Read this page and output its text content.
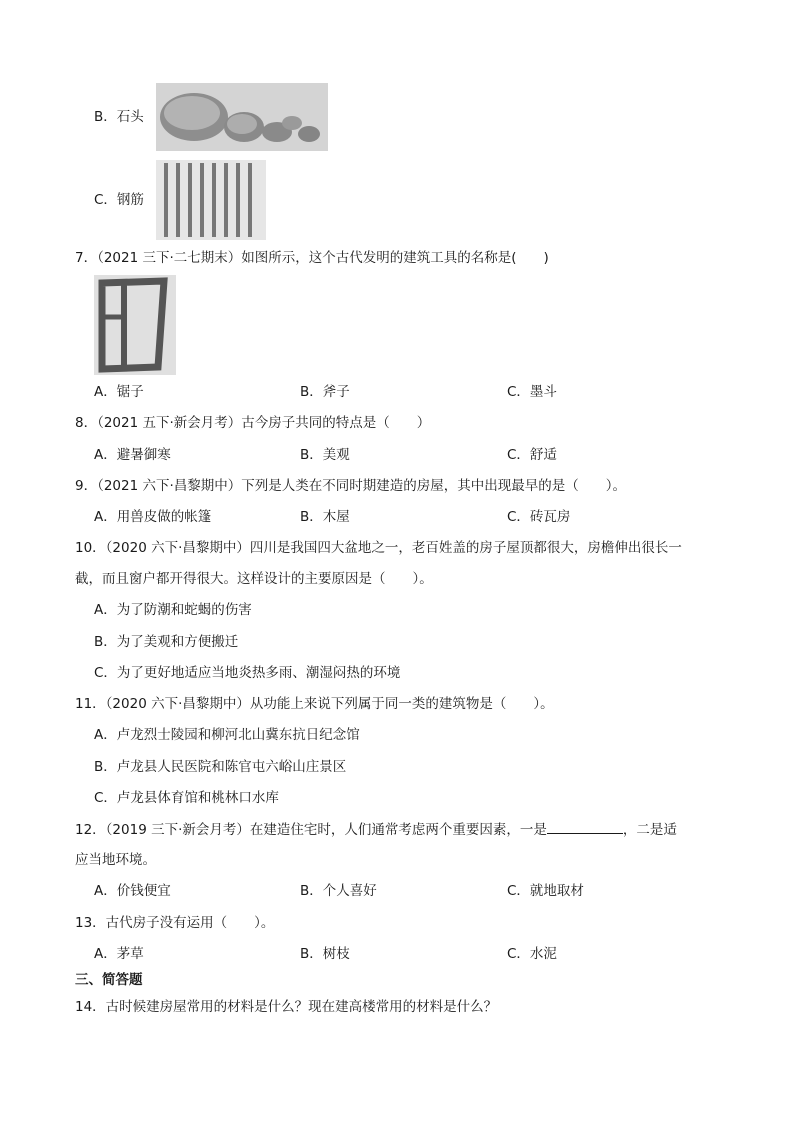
B．石头
C．钢筋
7．（2021 三下·二七期末）如图所示，这个古代发明的建筑工具的名称是(　　)
A．锯子	B．斧子	C．墨斗
8．（2021 五下·新会月考）古今房子共同的特点是（　　）
A．避暑御寒	B．美观	C．舒适
9．（2021 六下·昌黎期中）下列是人类在不同时期建造的房屋，其中出现最早的是（　　）。
A．用兽皮做的帐篷	B．木屋	C．砖瓦房
10．（2020 六下·昌黎期中）四川是我国四大盆地之一，老百姓盖的房子屋顶都很大，房檐伸出很长一
截，而且窗户都开得很大。这样设计的主要原因是（　　）。
A．为了防潮和蛇蝎的伤害
B．为了美观和方便搬迁
C．为了更好地适应当地炎热多雨、潮湿闷热的环境
11．（2020 六下·昌黎期中）从功能上来说下列属于同一类的建筑物是（　　）。
A．卢龙烈士陵园和柳河北山冀东抗日纪念馆
B．卢龙县人民医院和陈官屯六峪山庄景区
C．卢龙县体育馆和桃林口水库
12．（2019 三下·新会月考）在建造住宅时，人们通常考虑两个重要因素，一是	，二是适
应当地环境。
A．价钱便宜	B．个人喜好	C．就地取材
13．古代房子没有运用（　　）。
A．茅草	B．树枝	C．水泥
三、简答题
14．古时候建房屋常用的材料是什么？现在建高楼常用的材料是什么？
